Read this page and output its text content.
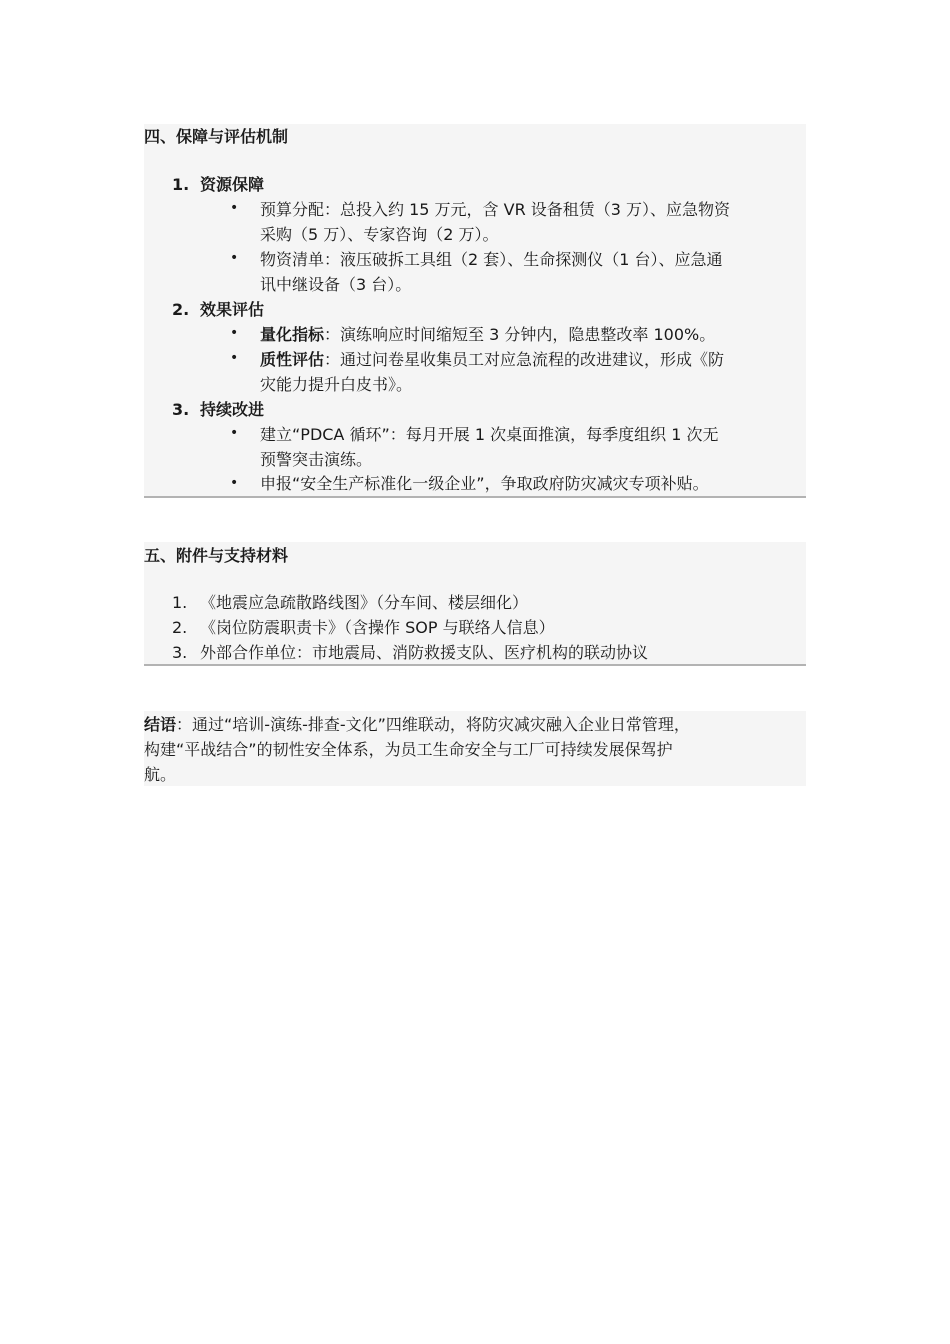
四、保障与评估机制
1. 资源保障
• 预算分配：总投入约 15 万元，含 VR 设备租赁（3 万）、应急物资
采购（5 万）、专家咨询（2 万）。
• 物资清单：液压破拆工具组（2 套）、生命探测仪（1 台）、应急通
讯中继设备（3 台）。
2. 效果评估
• 量化指标：演练响应时间缩短至 3 分钟内，隐患整改率 100%。
• 质性评估：通过问卷星收集员工对应急流程的改进建议，形成《防
灾能力提升白皮书》。
3. 持续改进
• 建立“PDCA 循环”：每月开展 1 次桌面推演，每季度组织 1 次无
预警突击演练。
• 申报“安全生产标准化一级企业”，争取政府防灾减灾专项补贴。
五、附件与支持材料
1. 《地震应急疏散路线图》（分车间、楼层细化）
2. 《岗位防震职责卡》（含操作 SOP 与联络人信息）
3. 外部合作单位：市地震局、消防救援支队、医疗机构的联动协议
结语：通过“培训-演练-排查-文化”四维联动，将防灾减灾融入企业日常管理，
构建“平战结合”的韧性安全体系，为员工生命安全与工厂可持续发展保驾护
航。
